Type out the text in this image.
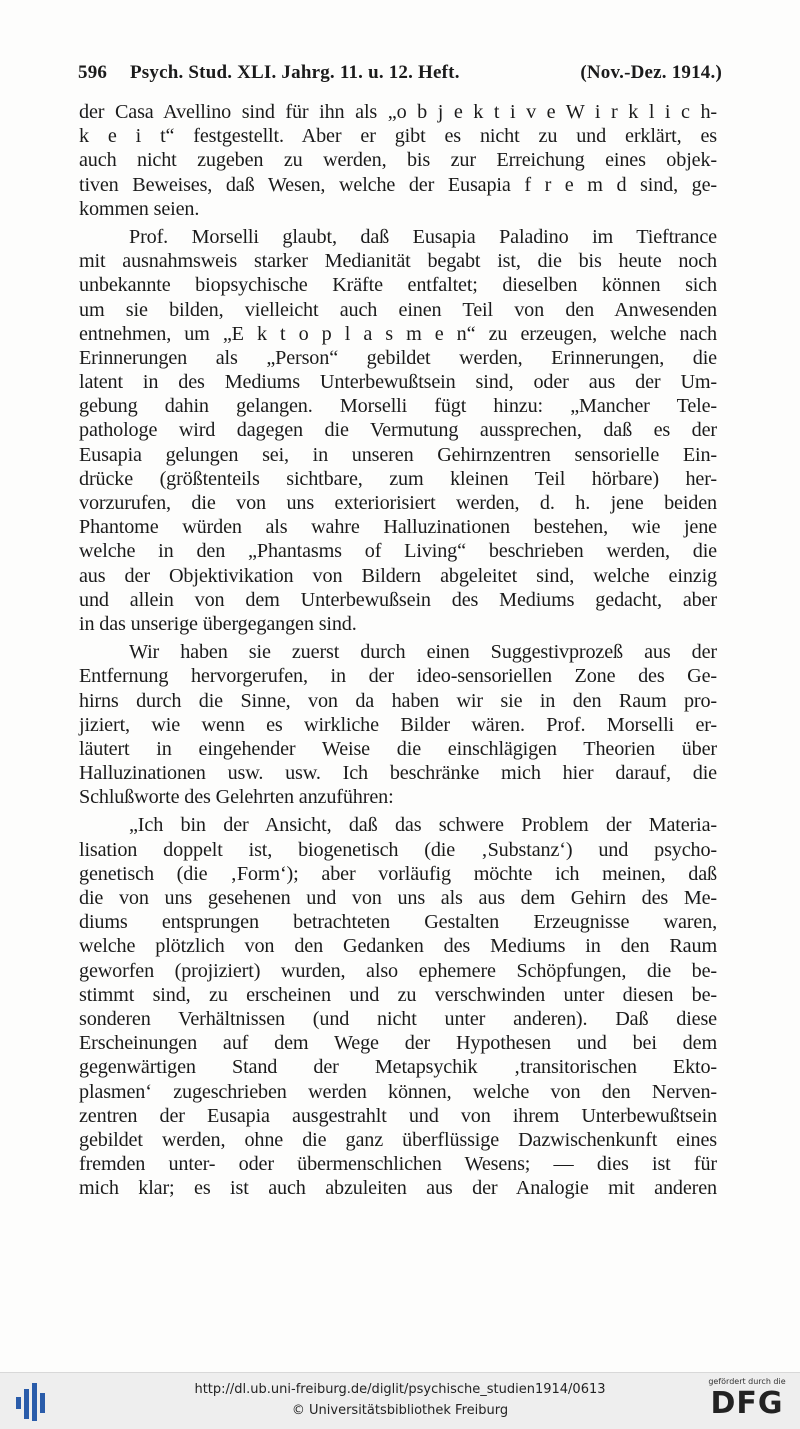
596	Psych. Stud. XLI. Jahrg. 11. u. 12. Heft.	(Nov.-Dez. 1914.)
der Casa Avellino sind für ihn als „o b j e k t i v e W i r k l i c h-
k e i t“ festgestellt. Aber er gibt es nicht zu und erklärt, es
auch nicht zugeben zu werden, bis zur Erreichung eines objek-
tiven Beweises, daß Wesen, welche der Eusapia f r e m d sind, ge-
kommen seien.
Prof. Morselli glaubt, daß Eusapia Paladino im Tieftrance
mit ausnahmsweis starker Medianität begabt ist, die bis heute noch
unbekannte biopsychische Kräfte entfaltet; dieselben können sich
um sie bilden, vielleicht auch einen Teil von den Anwesenden
entnehmen, um „E k t o p l a s m e n“ zu erzeugen, welche nach
Erinnerungen als „Person“ gebildet werden, Erinnerungen, die
latent in des Mediums Unterbewußtsein sind, oder aus der Um-
gebung dahin gelangen. Morselli fügt hinzu: „Mancher Tele-
pathologe wird dagegen die Vermutung aussprechen, daß es der
Eusapia gelungen sei, in unseren Gehirnzentren sensorielle Ein-
drücke (größtenteils sichtbare, zum kleinen Teil hörbare) her-
vorzurufen, die von uns exteriorisiert werden, d. h. jene beiden
Phantome würden als wahre Halluzinationen bestehen, wie jene
welche in den „Phantasms of Living“ beschrieben werden, die
aus der Objektivikation von Bildern abgeleitet sind, welche einzig
und allein von dem Unterbewußsein des Mediums gedacht, aber
in das unserige übergegangen sind.
Wir haben sie zuerst durch einen Suggestivprozeß aus der
Entfernung hervorgerufen, in der ideo-sensoriellen Zone des Ge-
hirns durch die Sinne, von da haben wir sie in den Raum pro-
jiziert, wie wenn es wirkliche Bilder wären. Prof. Morselli er-
läutert in eingehender Weise die einschlägigen Theorien über
Halluzinationen usw. usw. Ich beschränke mich hier darauf, die
Schlußworte des Gelehrten anzuführen:
„Ich bin der Ansicht, daß das schwere Problem der Materia-
lisation doppelt ist, biogenetisch (die ‚Substanz‘) und psycho-
genetisch (die ‚Form‘); aber vorläufig möchte ich meinen, daß
die von uns gesehenen und von uns als aus dem Gehirn des Me-
diums entsprungen betrachteten Gestalten Erzeugnisse waren,
welche plötzlich von den Gedanken des Mediums in den Raum
geworfen (projiziert) wurden, also ephemere Schöpfungen, die be-
stimmt sind, zu erscheinen und zu verschwinden unter diesen be-
sonderen Verhältnissen (und nicht unter anderen). Daß diese
Erscheinungen auf dem Wege der Hypothesen und bei dem
gegenwärtigen Stand der Metapsychik ‚transitorischen Ekto-
plasmen‘ zugeschrieben werden können, welche von den Nerven-
zentren der Eusapia ausgestrahlt und von ihrem Unterbewußtsein
gebildet werden, ohne die ganz überflüssige Dazwischenkunft eines
fremden unter- oder übermenschlichen Wesens; — dies ist für
mich klar; es ist auch abzuleiten aus der Analogie mit anderen
http://dl.ub.uni-freiburg.de/diglit/psychische_studien1914/0613
© Universitätsbibliothek Freiburg
gefördert durch die
DFG
